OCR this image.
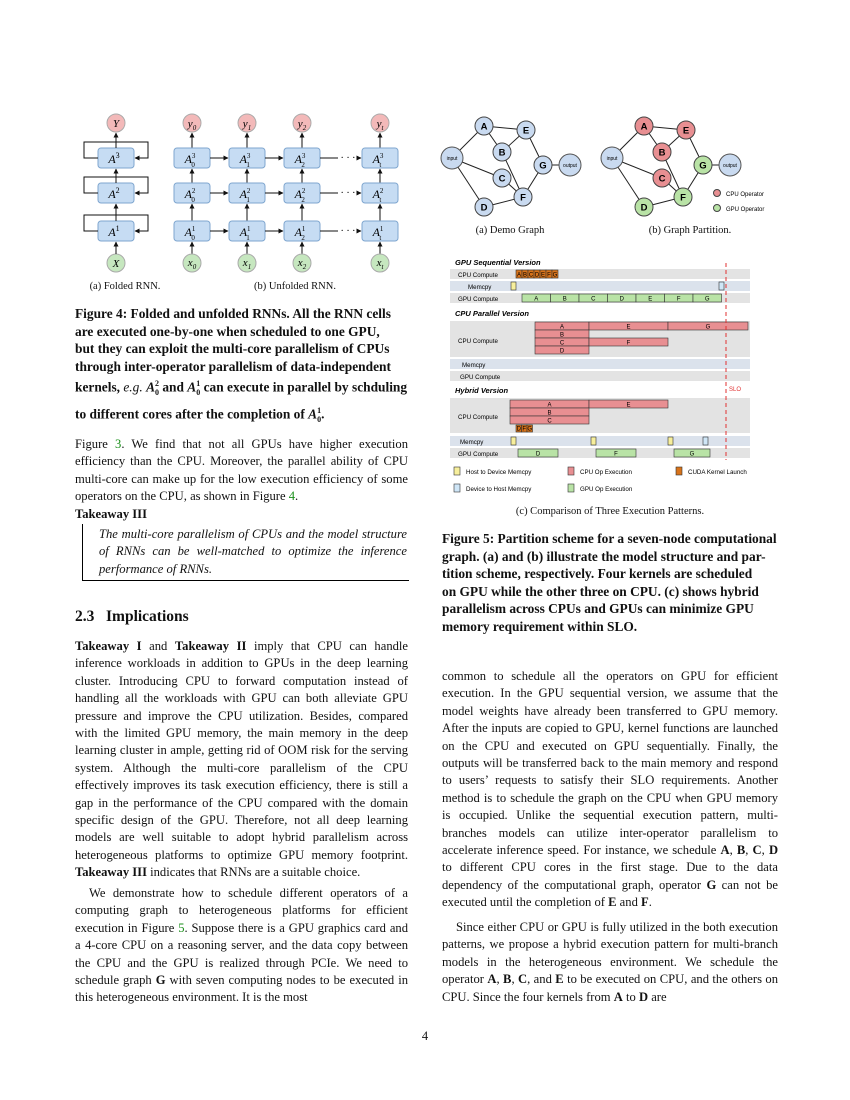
Y
$A^3$
$A^2$
$A^1$
X
$y_0$
$x_0$
$A^3$ 0
$A^2$ 0
$A^1$ 0
$y_1$
$x_1$
$A^3$ 1
$A^2$ 1
$A^1$ 1
$y_2$
$x_2$
$A^3$ 2
$A^2$ 2
$A^1$ 2
$y_t$
$x_t$
$A^3$ t
$A^2$ t
$A^1$ t
· · ·
· · ·
· · ·
(a) Folded RNN.	(b) Unfolded RNN.
Figure 4: Folded and unfolded RNNs. All the RNN cells
are executed one-by-one when scheduled to one GPU,
but they can exploit the multi-core parallelism of CPUs
through inter-operator parallelism of data-independent
kernels, e.g. $A_0^2$ and $A_0^1$ can execute in parallel by schduling
to different cores after the completion of $A_0^1$.
Figure 3. We find that not all GPUs have higher execution efficiency than the CPU. Moreover, the parallel ability of CPU multi-core can make up for the low execution efficiency of some operators on the CPU, as shown in Figure 4.
Takeaway III
The multi-core parallelism of CPUs and the model structure of RNNs can be well-matched to optimize the inference performance of RNNs.
2.3 Implications
Takeaway I and Takeaway II imply that CPU can handle inference workloads in addition to GPUs in the deep learning cluster. Introducing CPU to forward computation instead of handling all the workloads with GPU can both alleviate GPU pressure and improve the CPU utilization. Besides, compared with the limited GPU memory, the main memory in the deep learning cluster in ample, getting rid of OOM risk for the serving system. Although the multi-core parallelism of the CPU effectively improves its task execution efficiency, there is still a gap in the performance of the CPU compared with the domain specific design of the GPU. Therefore, not all deep learning models are well suitable to adopt hybrid parallelism across heterogeneous platforms to optimize GPU memory footprint. Takeaway III indicates that RNNs are a suitable choice.
We demonstrate how to schedule different operators of a computing graph to heterogeneous platforms for efficient execution in Figure 5. Suppose there is a GPU graphics card and a 4-core CPU on a reasoning server, and the data copy between the CPU and the GPU is realized through PCIe. We need to schedule graph G with seven computing nodes to be executed in this heterogeneous environment. It is the most
input
output
A
B
C
D
E
F
G
input
output
A
B
C
D
E
F
G
CPU Operator
GPU Operator
(a) Demo Graph	(b) Graph Partition.
GPU Sequential Version
CPU Compute	A B C D E F G
Memcpy
GPU Compute	A	B	C	D	E	F	G
CPU Parallel Version
CPU Compute
A	E	G
B
C	F
D
Memcpy
GPU Compute
Hybrid Version
CPU Compute
A	E
B
C
D F G
Memcpy
GPU Compute	D	F	G
SLO
Host to Device Memcpy	CPU Op Execution	CUDA Kernel Launch
Device to Host Memcpy	GPU Op Execution
(c) Comparison of Three Execution Patterns.
Figure 5: Partition scheme for a seven-node computational
graph. (a) and (b) illustrate the model structure and par-
tition scheme, respectively. Four kernels are scheduled
on GPU while the other three on CPU. (c) shows hybrid
parallelism across CPUs and GPUs can minimize GPU
memory requirement within SLO.
common to schedule all the operators on GPU for efficient execution. In the GPU sequential version, we assume that the model weights have already been transferred to GPU memory. After the inputs are copied to GPU, kernel functions are launched on the CPU and executed on GPU sequentially. Finally, the outputs will be transferred back to the main memory and respond to users’ requests to satisfy their SLO requirements. Another method is to schedule the graph on the CPU when GPU memory is occupied. Unlike the sequential execution pattern, multi-branches models can utilize inter-operator parallelism to accelerate inference speed. For instance, we schedule A, B, C, D to different CPU cores in the first stage. Due to the data dependency of the computational graph, operator G can not be executed until the completion of E and F.
Since either CPU or GPU is fully utilized in the both execution patterns, we propose a hybrid execution pattern for multi-branch models in the heterogeneous environment. We schedule the operator A, B, C, and E to be executed on CPU, and the others on CPU. Since the four kernels from A to D are
4
